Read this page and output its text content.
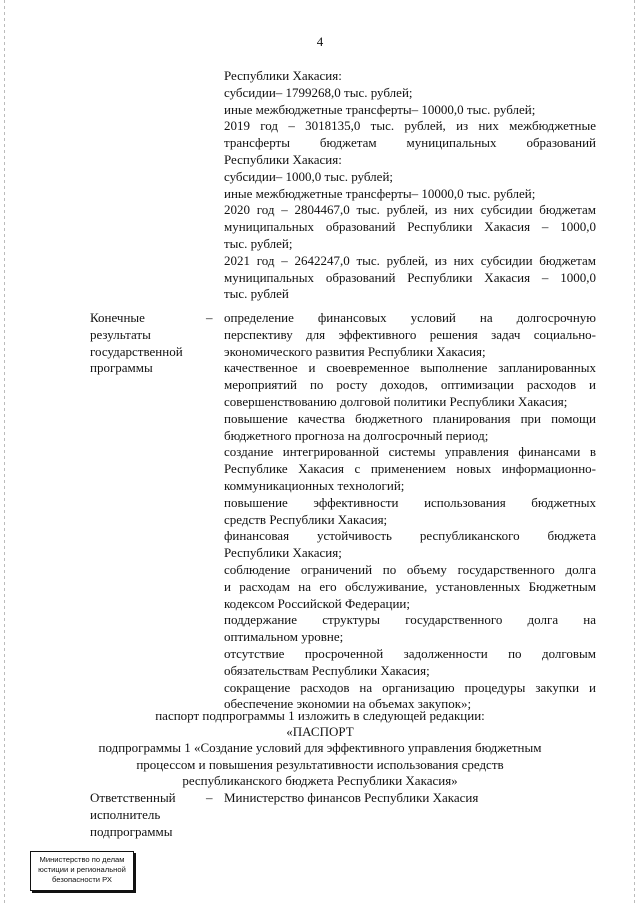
4
Республики Хакасия:
субсидии– 1799268,0 тыс. рублей;
иные межбюджетные трансферты– 10000,0 тыс. рублей;
2019 год – 3018135,0 тыс. рублей, из них межбюджетные
трансферты бюджетам муниципальных образований
Республики Хакасия:
субсидии– 1000,0 тыс. рублей;
иные межбюджетные трансферты– 10000,0 тыс. рублей;
2020 год – 2804467,0 тыс. рублей, из них субсидии бюджетам
муниципальных образований Республики Хакасия – 1000,0
тыс. рублей;
2021 год – 2642247,0 тыс. рублей, из них субсидии бюджетам
муниципальных образований Республики Хакасия – 1000,0
тыс. рублей
Конечные
результаты
государственной
программы
– определение финансовых условий на долгосрочную
перспективу для эффективного решения задач социально-
экономического развития Республики Хакасия;
качественное и своевременное выполнение запланированных
мероприятий по росту доходов, оптимизации расходов и
совершенствованию долговой политики Республики Хакасия;
повышение качества бюджетного планирования при помощи
бюджетного прогноза на долгосрочный период;
создание интегрированной системы управления финансами в
Республике Хакасия с применением новых информационно-
коммуникационных технологий;
повышение эффективности использования бюджетных
средств Республики Хакасия;
финансовая устойчивость республиканского бюджета
Республики Хакасия;
соблюдение ограничений по объему государственного долга
и расходам на его обслуживание, установленных Бюджетным
кодексом Российской Федерации;
поддержание структуры государственного долга на
оптимальном уровне;
отсутствие просроченной задолженности по долговым
обязательствам Республики Хакасия;
сокращение расходов на организацию процедуры закупки и
обеспечение экономии на объемах закупок»;
паспорт подпрограммы 1 изложить в следующей редакции:
«ПАСПОРТ
подпрограммы 1 «Создание условий для эффективного управления бюджетным
процессом и повышения результативности использования средств
республиканского бюджета Республики Хакасия»
Ответственный
исполнитель
подпрограммы
– Министерство финансов Республики Хакасия
Министерство по делам
юстиции и региональной
безопасности РХ
